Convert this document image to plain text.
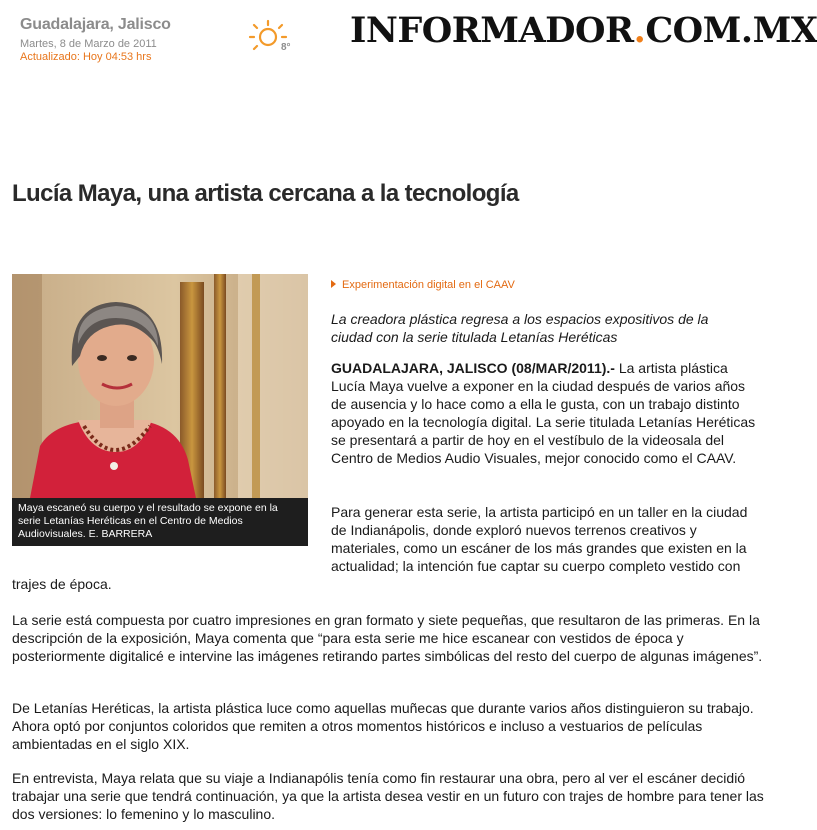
Guadalajara, Jalisco
Martes, 8 de Marzo de 2011
Actualizado: Hoy 04:53 hrs
8° INFORMADOR.COM.MX
Lucía Maya, una artista cercana a la tecnología
Maya escaneó su cuerpo y el resultado se expone en la serie Letanías Heréticas en el Centro de Medios Audiovisuales. E. BARRERA
Experimentación digital en el CAAV
La creadora plástica regresa a los espacios expositivos de la ciudad con la serie titulada Letanías Heréticas
GUADALAJARA, JALISCO (08/MAR/2011).- La artista plástica Lucía Maya vuelve a exponer en la ciudad después de varios años de ausencia y lo hace como a ella le gusta, con un trabajo distinto apoyado en la tecnología digital. La serie titulada Letanías Heréticas se presentará a partir de hoy en el vestíbulo de la videosala del Centro de Medios Audio Visuales, mejor conocido como el CAAV.
Para generar esta serie, la artista participó en un taller en la ciudad de Indianápolis, donde exploró nuevos terrenos creativos y materiales, como un escáner de los más grandes que existen en la actualidad; la intención fue captar su cuerpo completo vestido con
trajes de época.
La serie está compuesta por cuatro impresiones en gran formato y siete pequeñas, que resultaron de las primeras. En la descripción de la exposición, Maya comenta que “para esta serie me hice escanear con vestidos de época y posteriormente digitalicé e intervine las imágenes retirando partes simbólicas del resto del cuerpo de algunas imágenes”.
De Letanías Heréticas, la artista plástica luce como aquellas muñecas que durante varios años distinguieron su trabajo. Ahora optó por conjuntos coloridos que remiten a otros momentos históricos e incluso a vestuarios de películas ambientadas en el siglo XIX.
En entrevista, Maya relata que su viaje a Indianapólis tenía como fin restaurar una obra, pero al ver el escáner decidió trabajar una serie que tendrá continuación, ya que la artista desea vestir en un futuro con trajes de hombre para tener las dos versiones: lo femenino y lo masculino.
